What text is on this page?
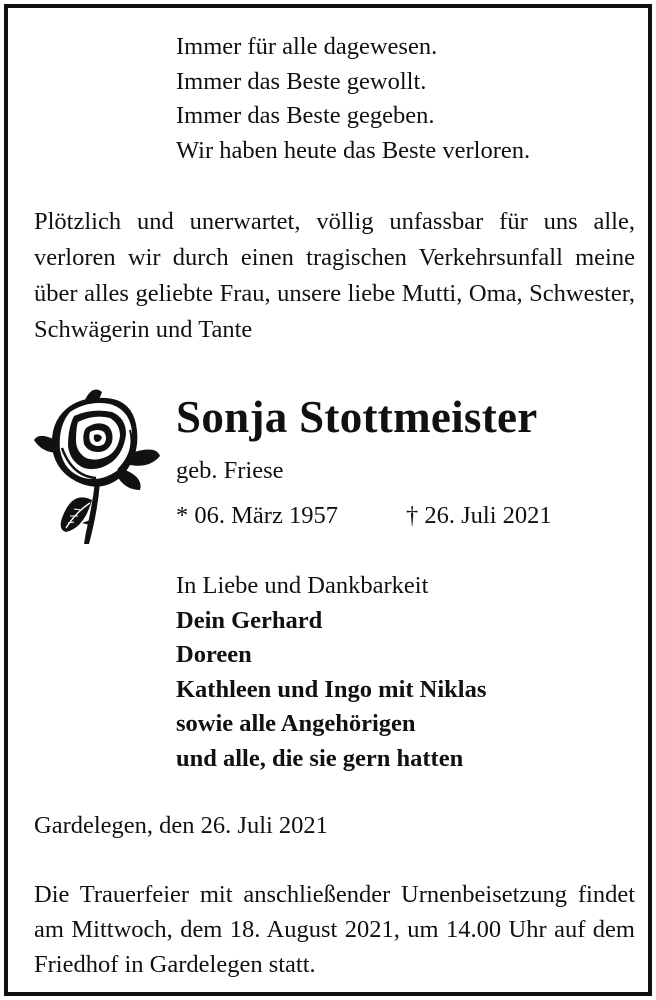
Immer für alle dagewesen.
Immer das Beste gewollt.
Immer das Beste gegeben.
Wir haben heute das Beste verloren.
Plötzlich und unerwartet, völlig unfassbar für uns alle, verloren wir durch einen tragischen Verkehrsunfall meine über alles geliebte Frau, unsere liebe Mutti, Oma, Schwester, Schwägerin und Tante
Sonja Stottmeister
geb. Friese
* 06. März 1957	† 26. Juli 2021
In Liebe und Dankbarkeit
Dein Gerhard
Doreen
Kathleen und Ingo mit Niklas
sowie alle Angehörigen
und alle, die sie gern hatten
Gardelegen, den 26. Juli 2021
Die Trauerfeier mit anschließender Urnenbeisetzung findet am Mittwoch, dem 18. August 2021, um 14.00 Uhr auf dem Friedhof in Gardelegen statt.
